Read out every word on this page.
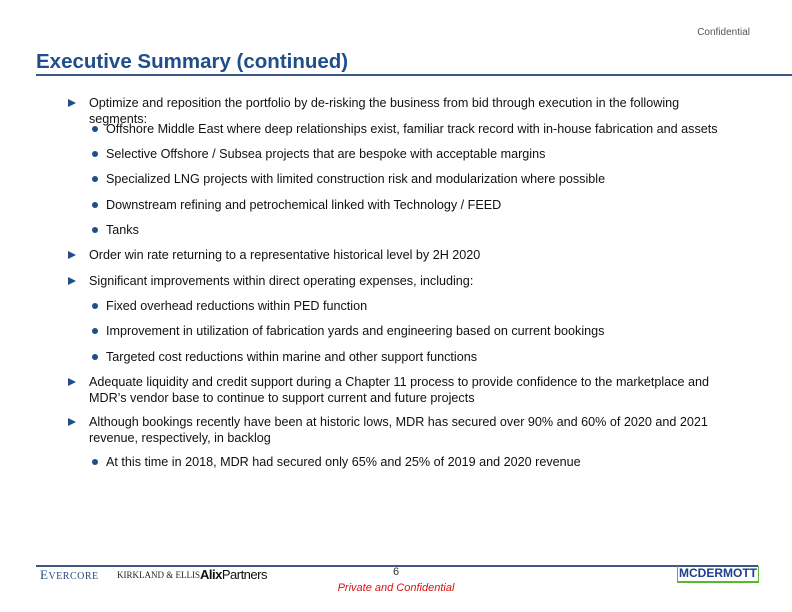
Confidential
Executive Summary (continued)
Optimize and reposition the portfolio by de-risking the business from bid through execution in the following segments:
Offshore Middle East where deep relationships exist, familiar track record with in-house fabrication and assets
Selective Offshore / Subsea projects that are bespoke with acceptable margins
Specialized LNG projects with limited construction risk and modularization where possible
Downstream refining and petrochemical linked with Technology / FEED
Tanks
Order win rate returning to a representative historical level by 2H 2020
Significant improvements within direct operating expenses, including:
Fixed overhead reductions within PED function
Improvement in utilization of fabrication yards and engineering based on current bookings
Targeted cost reductions within marine and other support functions
Adequate liquidity and credit support during a Chapter 11 process to provide confidence to the marketplace and MDR’s vendor base to continue to support current and future projects
Although bookings recently have been at historic lows, MDR has secured over 90% and 60% of 2020 and 2021 revenue, respectively, in backlog
At this time in 2018, MDR had secured only 65% and 25% of 2019 and 2020 revenue
EVERCORE KIRKLAND & ELLIS AlixPartners	6
Private and Confidential
MCDERMOTT
